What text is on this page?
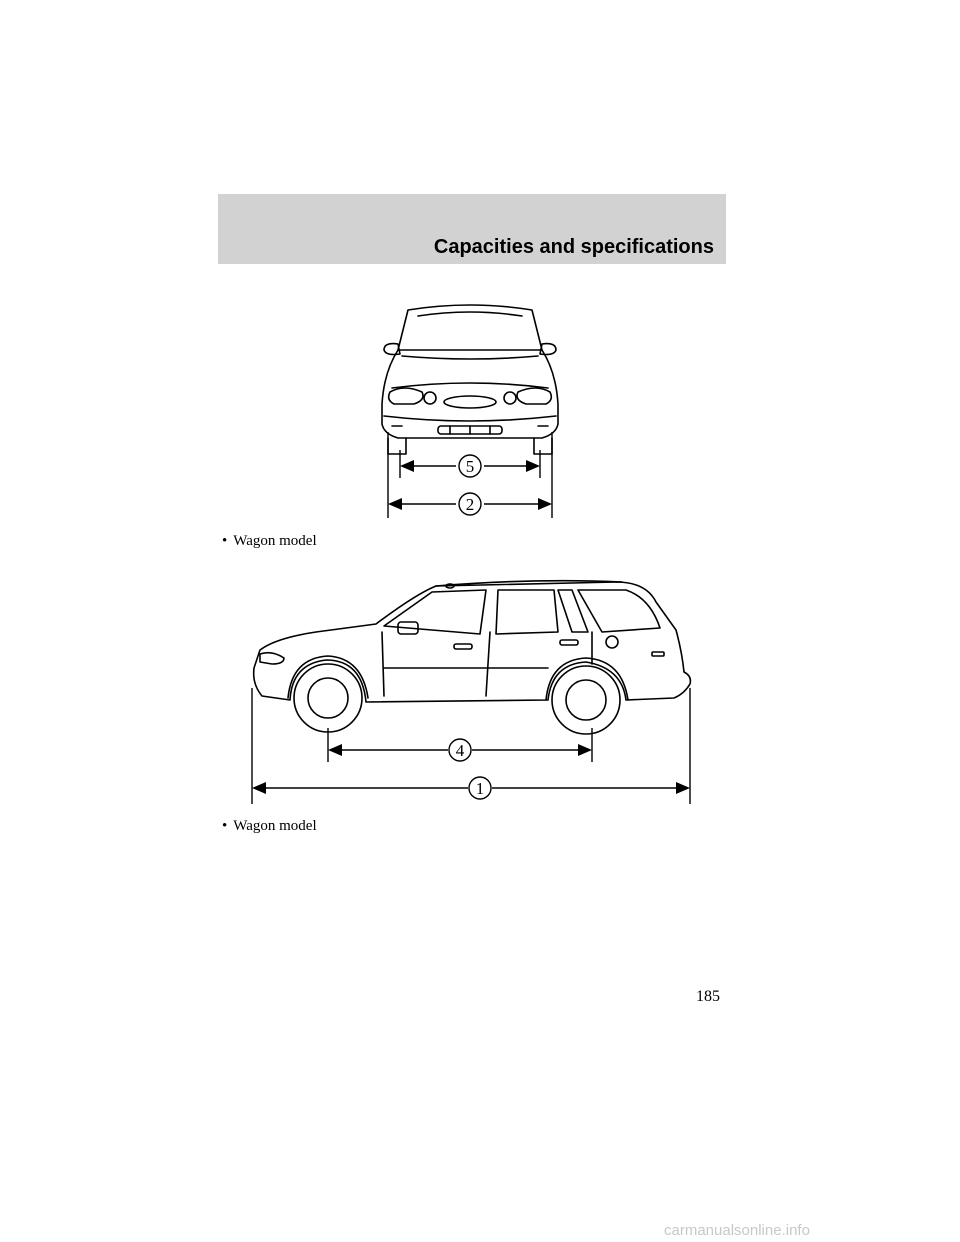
Capacities and specifications
5
2
• Wagon model
4
1
• Wagon model
185
carmanualsonline.info
